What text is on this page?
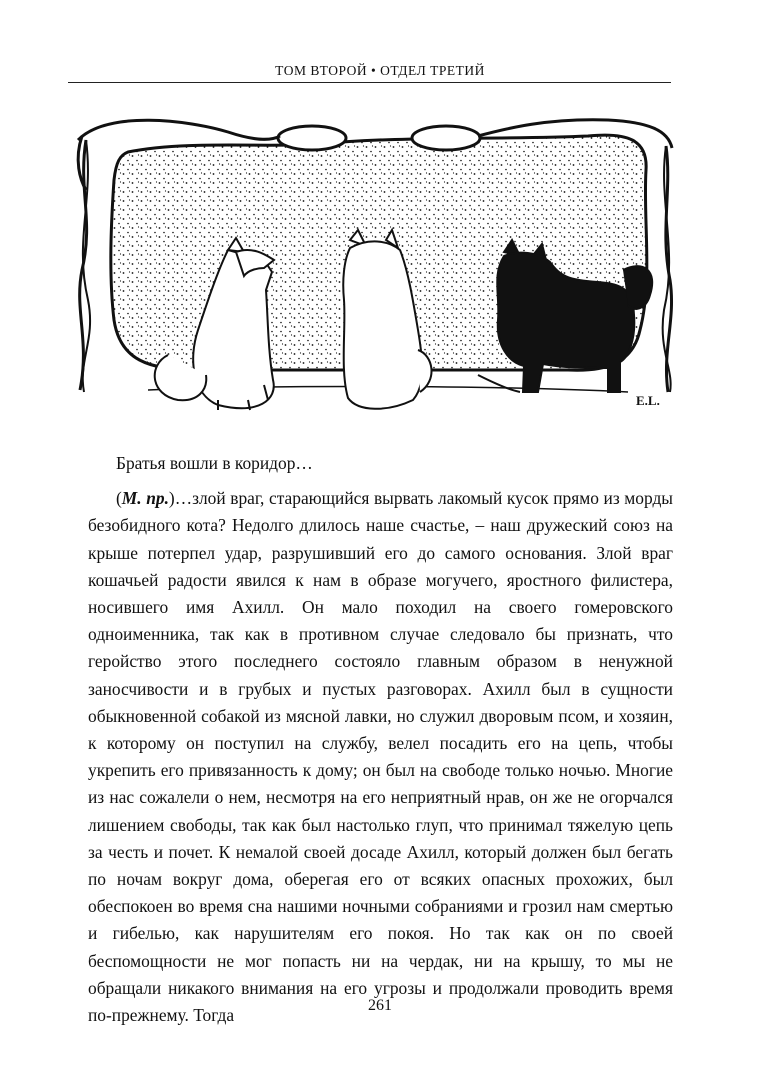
ТОМ ВТОРОЙ • ОТДЕЛ ТРЕТИЙ
E.L.

Братья вошли в коридор…

(M. пр.)…злой враг, старающийся вырвать лакомый кусок прямо из морды безобидного кота? Недолго длилось наше счастье, – наш дружеский союз на крыше потерпел удар, разрушивший его до самого основания. Злой враг кошачьей радости явился к нам в образе могучего, яростного филистера, носившего имя Ахилл. Он мало походил на своего гомеровского одноименника, так как в противном случае следовало бы признать, что геройство этого последнего состояло главным образом в ненужной заносчивости и в грубых и пустых разговорах. Ахилл был в сущности обыкновенной собакой из мясной лавки, но служил дворовым псом, и хозяин, к которому он поступил на службу, велел посадить его на цепь, чтобы укрепить его привязанность к дому; он был на свободе только ночью. Многие из нас сожалели о нем, несмотря на его неприятный нрав, он же не огорчался лишением свободы, так как был настолько глуп, что принимал тяжелую цепь за честь и почет. К немалой своей досаде Ахилл, который должен был бегать по ночам вокруг дома, оберегая его от всяких опасных прохожих, был обеспокоен во время сна нашими ночными собраниями и грозил нам смертью и гибелью, как нарушителям его покоя. Но так как он по своей беспомощности не мог попасть ни на чердак, ни на крышу, то мы не обращали никакого внимания на его угрозы и продолжали проводить время по-прежнему. Тогда	261
